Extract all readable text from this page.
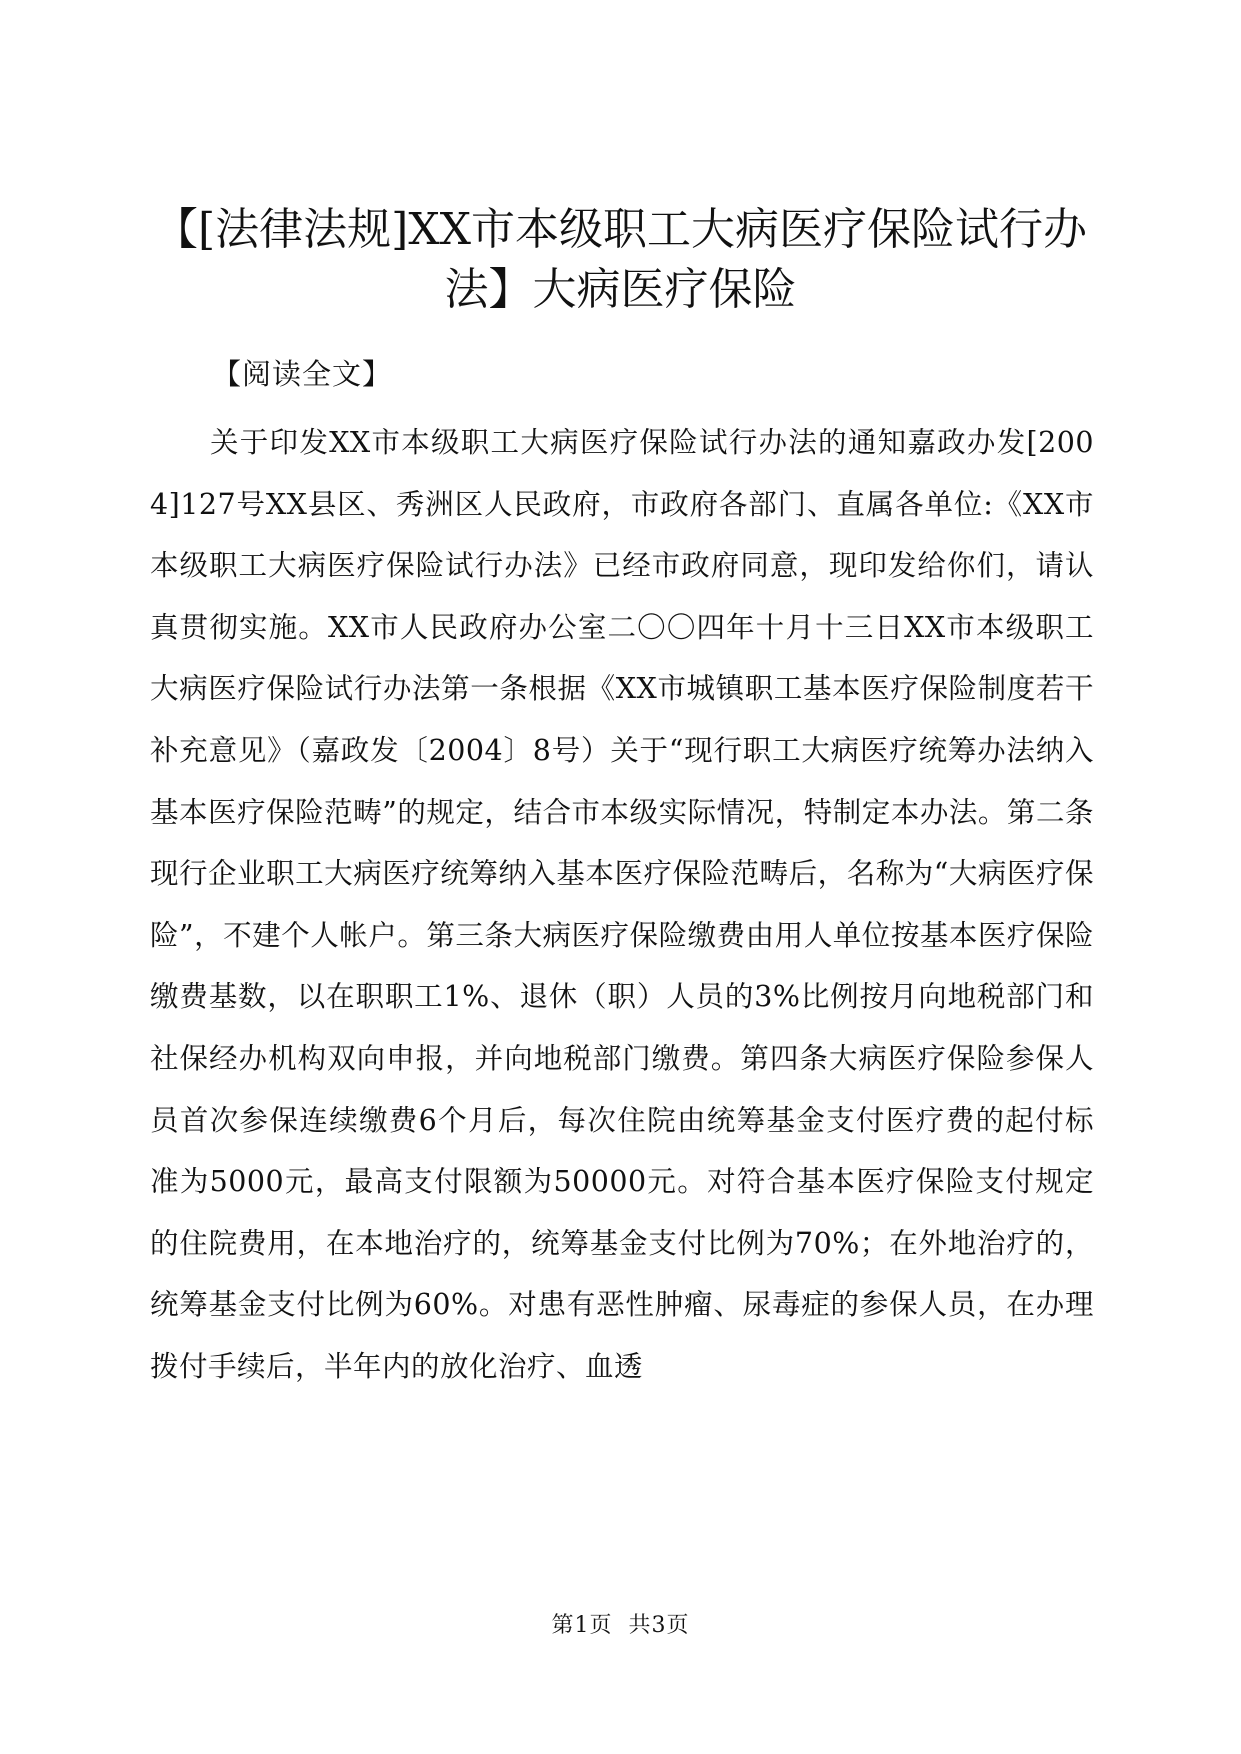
【[法律法规]XX市本级职工大病医疗保险试行办法】大病医疗保险
【阅读全文】

关于印发XX市本级职工大病医疗保险试行办法的通知嘉政办发[2004]127号XX县区、秀洲区人民政府，市政府各部门、直属各单位:《XX市本级职工大病医疗保险试行办法》已经市政府同意，现印发给你们，请认真贯彻实施。XX市人民政府办公室二〇〇四年十月十三日XX市本级职工大病医疗保险试行办法第一条根据《XX市城镇职工基本医疗保险制度若干补充意见》（嘉政发〔2004〕8号）关于“现行职工大病医疗统筹办法纳入基本医疗保险范畴”的规定，结合市本级实际情况，特制定本办法。第二条现行企业职工大病医疗统筹纳入基本医疗保险范畴后，名称为“大病医疗保险”，不建个人帐户。第三条大病医疗保险缴费由用人单位按基本医疗保险缴费基数，以在职职工1%、退休（职）人员的3%比例按月向地税部门和社保经办机构双向申报，并向地税部门缴费。第四条大病医疗保险参保人员首次参保连续缴费6个月后，每次住院由统筹基金支付医疗费的起付标准为5000元，最高支付限额为50000元。对符合基本医疗保险支付规定的住院费用，在本地治疗的，统筹基金支付比例为70%；在外地治疗的，统筹基金支付比例为60%。对患有恶性肿瘤、尿毒症的参保人员，在办理拨付手续后，半年内的放化治疗、血透

第1页  共3页
